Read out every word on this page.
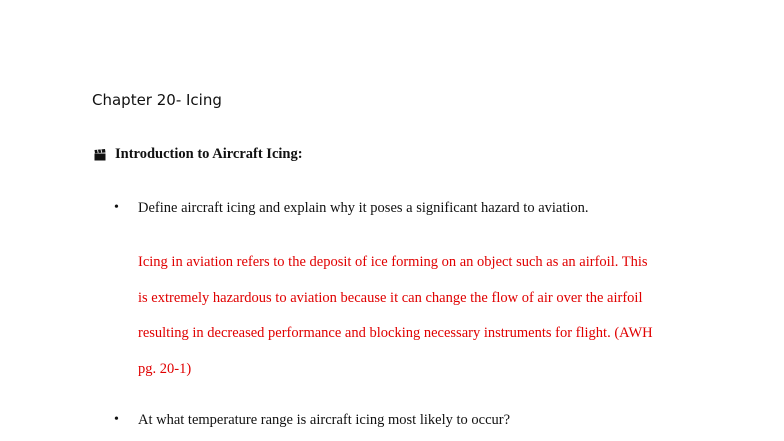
Chapter 20- Icing
Introduction to Aircraft Icing:
•	Define aircraft icing and explain why it poses a significant hazard to aviation.
Icing in aviation refers to the deposit of ice forming on an object such as an airfoil. This
is extremely hazardous to aviation because it can change the flow of air over the airfoil
resulting in decreased performance and blocking necessary instruments for flight. (AWH
pg. 20-1)
•	At what temperature range is aircraft icing most likely to occur?
